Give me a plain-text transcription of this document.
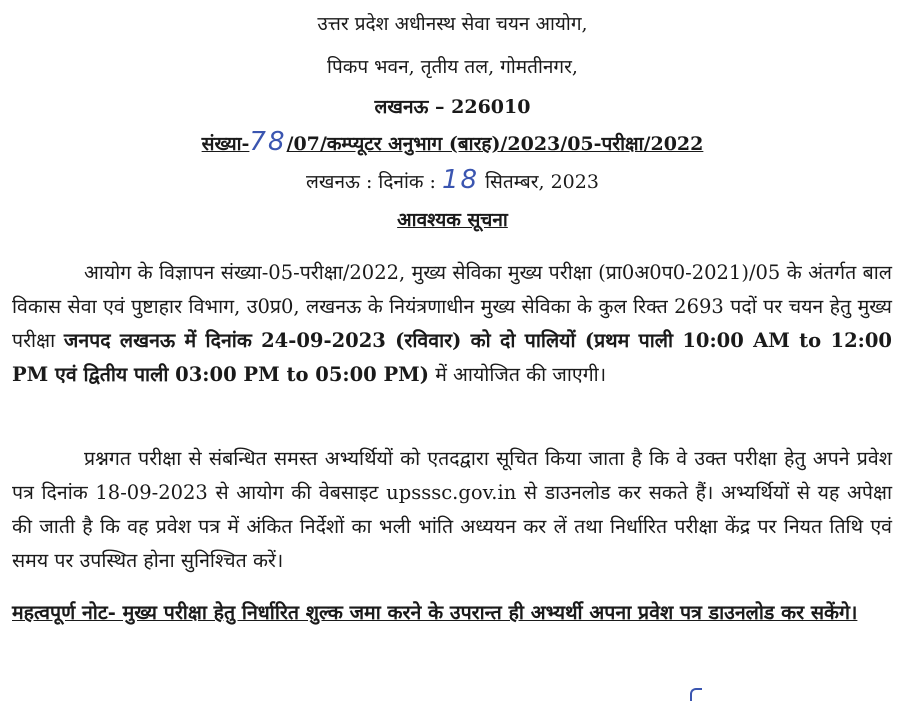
उत्तर प्रदेश अधीनस्थ सेवा चयन आयोग,
पिकप भवन, तृतीय तल, गोमतीनगर,
लखनऊ – 226010
संख्या-78/07/कम्प्यूटर अनुभाग (बारह)/2023/05-परीक्षा/2022
लखनऊ : दिनांक : 18 सितम्बर, 2023
आवश्यक सूचना
आयोग के विज्ञापन संख्या-05-परीक्षा/2022, मुख्य सेविका मुख्य परीक्षा (प्रा0अ0प0-2021)/05 के अंतर्गत बाल विकास सेवा एवं पुष्टाहार विभाग, उ0प्र0, लखनऊ के नियंत्रणाधीन मुख्य सेविका के कुल रिक्त 2693 पदों पर चयन हेतु मुख्य परीक्षा जनपद लखनऊ में दिनांक 24-09-2023 (रविवार) को दो पालियों (प्रथम पाली 10:00 AM to 12:00 PM एवं द्वितीय पाली 03:00 PM to 05:00 PM) में आयोजित की जाएगी।
प्रश्नगत परीक्षा से संबन्धित समस्त अभ्यर्थियों को एतदद्वारा सूचित किया जाता है कि वे उक्त परीक्षा हेतु अपने प्रवेश पत्र दिनांक 18-09-2023 से आयोग की वेबसाइट upsssc.gov.in से डाउनलोड कर सकते हैं। अभ्यर्थियों से यह अपेक्षा की जाती है कि वह प्रवेश पत्र में अंकित निर्देशों का भली भांति अध्ययन कर लें तथा निर्धारित परीक्षा केंद्र पर नियत तिथि एवं समय पर उपस्थित होना सुनिश्चित करें।
महत्वपूर्ण नोट- मुख्य परीक्षा हेतु निर्धारित शुल्क जमा करने के उपरान्त ही अभ्यर्थी अपना प्रवेश पत्र डाउनलोड कर सकेंगे।
